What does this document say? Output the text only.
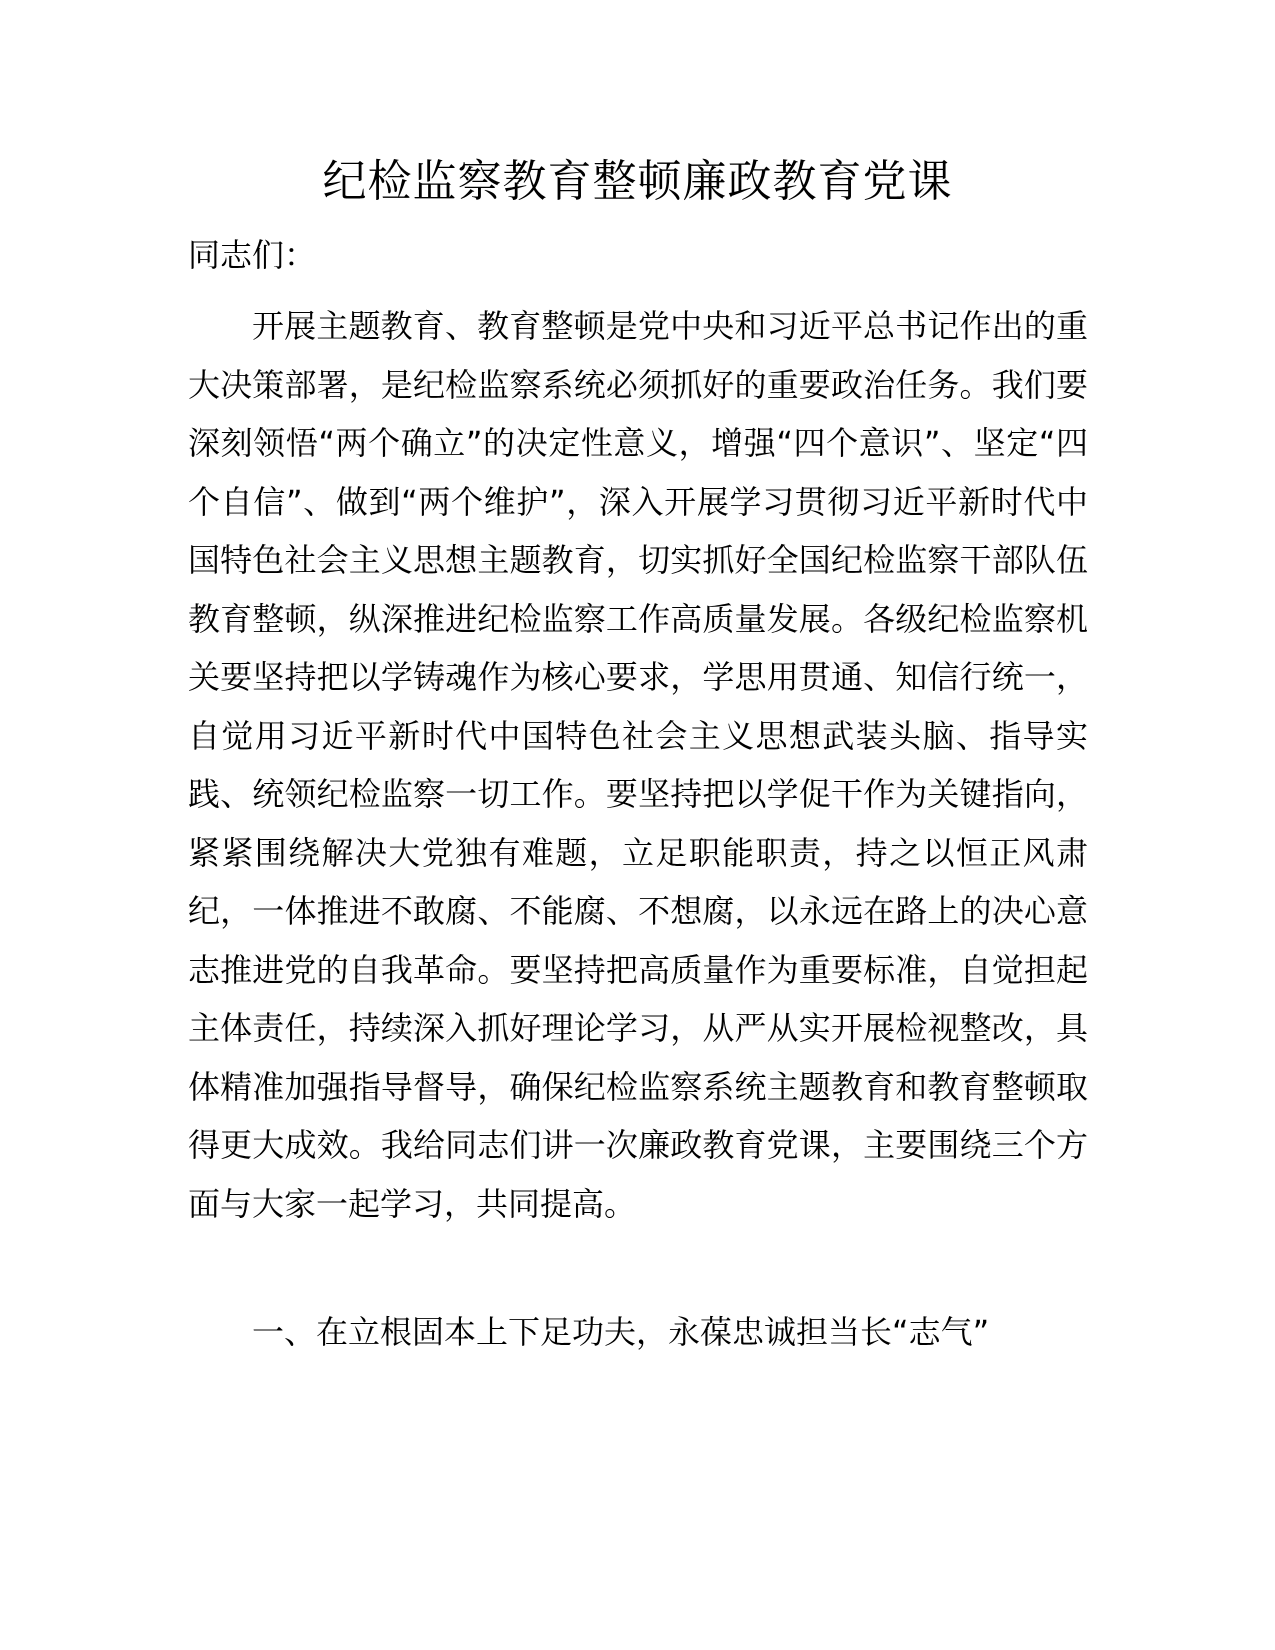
纪检监察教育整顿廉政教育党课
同志们：

开展主题教育、教育整顿是党中央和习近平总书记作出的重大决策部署，是纪检监察系统必须抓好的重要政治任务。我们要深刻领悟“两个确立”的决定性意义，增强“四个意识”、坚定“四个自信”、做到“两个维护”，深入开展学习贯彻习近平新时代中国特色社会主义思想主题教育，切实抓好全国纪检监察干部队伍教育整顿，纵深推进纪检监察工作高质量发展。各级纪检监察机关要坚持把以学铸魂作为核心要求，学思用贯通、知信行统一，自觉用习近平新时代中国特色社会主义思想武装头脑、指导实践、统领纪检监察一切工作。要坚持把以学促干作为关键指向，紧紧围绕解决大党独有难题，立足职能职责，持之以恒正风肃纪，一体推进不敢腐、不能腐、不想腐，以永远在路上的决心意志推进党的自我革命。要坚持把高质量作为重要标准，自觉担起主体责任，持续深入抓好理论学习，从严从实开展检视整改，具体精准加强指导督导，确保纪检监察系统主题教育和教育整顿取得更大成效。我给同志们讲一次廉政教育党课，主要围绕三个方面与大家一起学习，共同提高。

一、在立根固本上下足功夫，永葆忠诚担当长“志气”
